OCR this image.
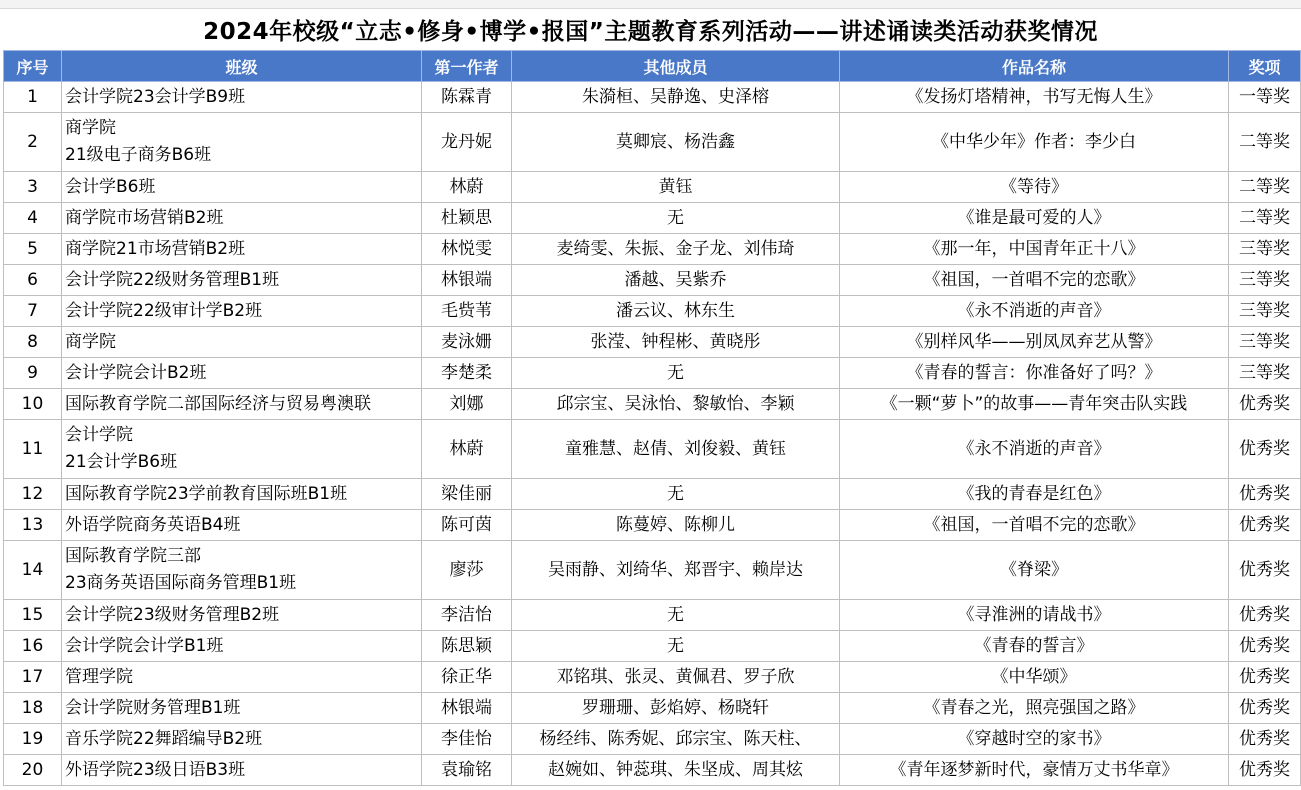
2024年校级“立志•修身•博学•报国”主题教育系列活动——讲述诵读类活动获奖情况
序号	班级	第一作者	其他成员	作品名称	奖项
1	会计学院23会计学B9班	陈霖青	朱漪桓、吴静逸、史泽榕	《发扬灯塔精神，书写无悔人生》	一等奖
2	商学院
21级电子商务B6班	龙丹妮	莫卿宸、杨浩鑫	《中华少年》作者：李少白	二等奖
3	会计学B6班	林蔚	黄钰	《等待》	二等奖
4	商学院市场营销B2班	杜颖思	无	《谁是最可爱的人》	二等奖
5	商学院21市场营销B2班	林悦雯	麦绮雯、朱振、金子龙、刘伟琦	《那一年，中国青年正十八》	三等奖
6	会计学院22级财务管理B1班	林银端	潘越、吴紫乔	《祖国，一首唱不完的恋歌》	三等奖
7	会计学院22级审计学B2班	毛赀苇	潘云议、林东生	《永不消逝的声音》	三等奖
8	商学院	麦泳姗	张滢、钟程彬、黄晓彤	《别样风华——别凤凤弃艺从警》	三等奖
9	会计学院会计B2班	李楚柔	无	《青春的誓言：你准备好了吗？》	三等奖
10	国际教育学院二部国际经济与贸易粤澳联	刘娜	邱宗宝、吴泳怡、黎敏怡、李颖	《一颗“萝卜”的故事——青年突击队实践	优秀奖
11	会计学院
21会计学B6班	林蔚	童雅慧、赵倩、刘俊毅、黄钰	《永不消逝的声音》	优秀奖
12	国际教育学院23学前教育国际班B1班	梁佳丽	无	《我的青春是红色》	优秀奖
13	外语学院商务英语B4班	陈可茵	陈蔓婷、陈柳儿	《祖国，一首唱不完的恋歌》	优秀奖
14	国际教育学院三部
23商务英语国际商务管理B1班	廖莎	吴雨静、刘绮华、郑晋宇、赖岸达	《脊梁》	优秀奖
15	会计学院23级财务管理B2班	李洁怡	无	《寻淮洲的请战书》	优秀奖
16	会计学院会计学B1班	陈思颖	无	《青春的誓言》	优秀奖
17	管理学院	徐正华	邓铭琪、张灵、黄佩君、罗子欣	《中华颂》	优秀奖
18	会计学院财务管理B1班	林银端	罗珊珊、彭焰婷、杨晓轩	《青春之光，照亮强国之路》	优秀奖
19	音乐学院22舞蹈编导B2班	李佳怡	杨经纬、陈秀妮、邱宗宝、陈天柱、	《穿越时空的家书》	优秀奖
20	外语学院23级日语B3班	袁瑜铭	赵婉如、钟蕊琪、朱坚成、周其炫	《青年逐梦新时代，豪情万丈书华章》	优秀奖
